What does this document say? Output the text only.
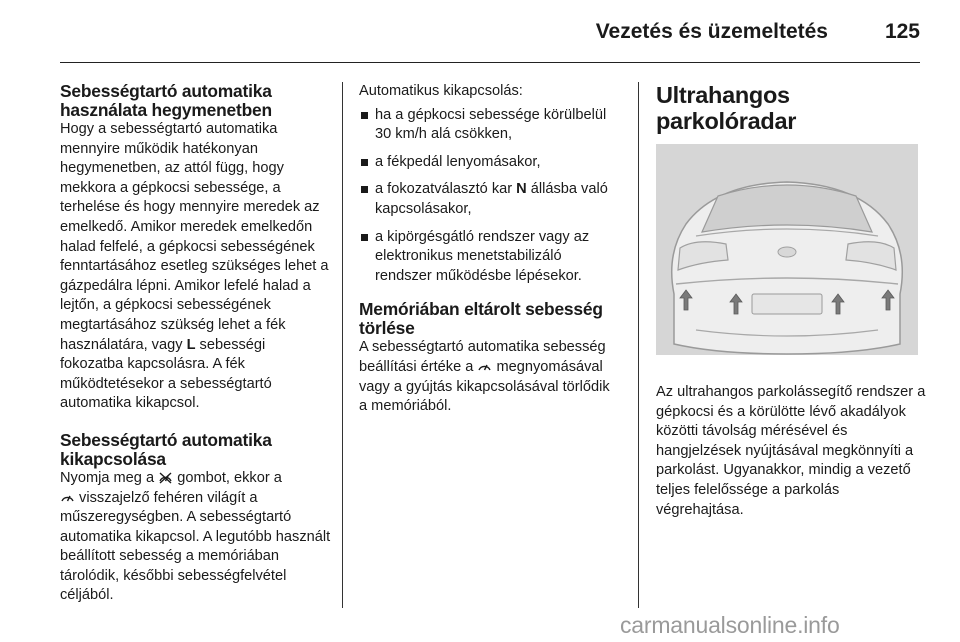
Vezetés és üzemeltetés	125
Sebességtartó automatika használata hegymenetben

Hogy a sebességtartó automatika mennyire működik hatékonyan hegymenetben, az attól függ, hogy mekkora a gépkocsi sebessége, a terhelése és hogy mennyire meredek az emelkedő. Amikor meredek emelkedőn halad felfelé, a gépkocsi sebességének fenntartásához esetleg szükséges lehet a gázpedálra lépni. Amikor lefelé halad a lejtőn, a gépkocsi sebességének megtartásához szükség lehet a fék használatára, vagy L sebességi fokozatba kapcsolásra. A fék működtetésekor a sebességtartó automatika kikapcsol.

Sebességtartó automatika kikapcsolása

Nyomja meg a  gombot, ekkor a
visszajelző fehéren világít a műszeregységben. A sebességtartó automatika kikapcsol. A legutóbb használt beállított sebesség a memóriában tárolódik, későbbi sebességfelvétel céljából.

Automatikus kikapcsolás:

ha a gépkocsi sebessége körülbelül 30 km/h alá csökken,
a fékpedál lenyomásakor,
a fokozatválasztó kar N állásba való kapcsolásakor,
a kipörgésgátló rendszer vagy az elektronikus menetstabilizáló rendszer működésbe lépésekor.
Memóriában eltárolt sebesség törlése

A sebességtartó automatika sebesség beállítási értéke a  megnyomásával vagy a gyújtás kikapcsolásával törlődik a memóriából.

Ultrahangos parkolóradar

Az ultrahangos parkolássegítő rendszer a gépkocsi és a körülötte lévő akadályok közötti távolság mérésével és hangjelzések nyújtásával megkönnyíti a parkolást. Ugyanakkor, mindig a vezető teljes felelőssége a parkolás végrehajtása.

carmanualsonline.info
